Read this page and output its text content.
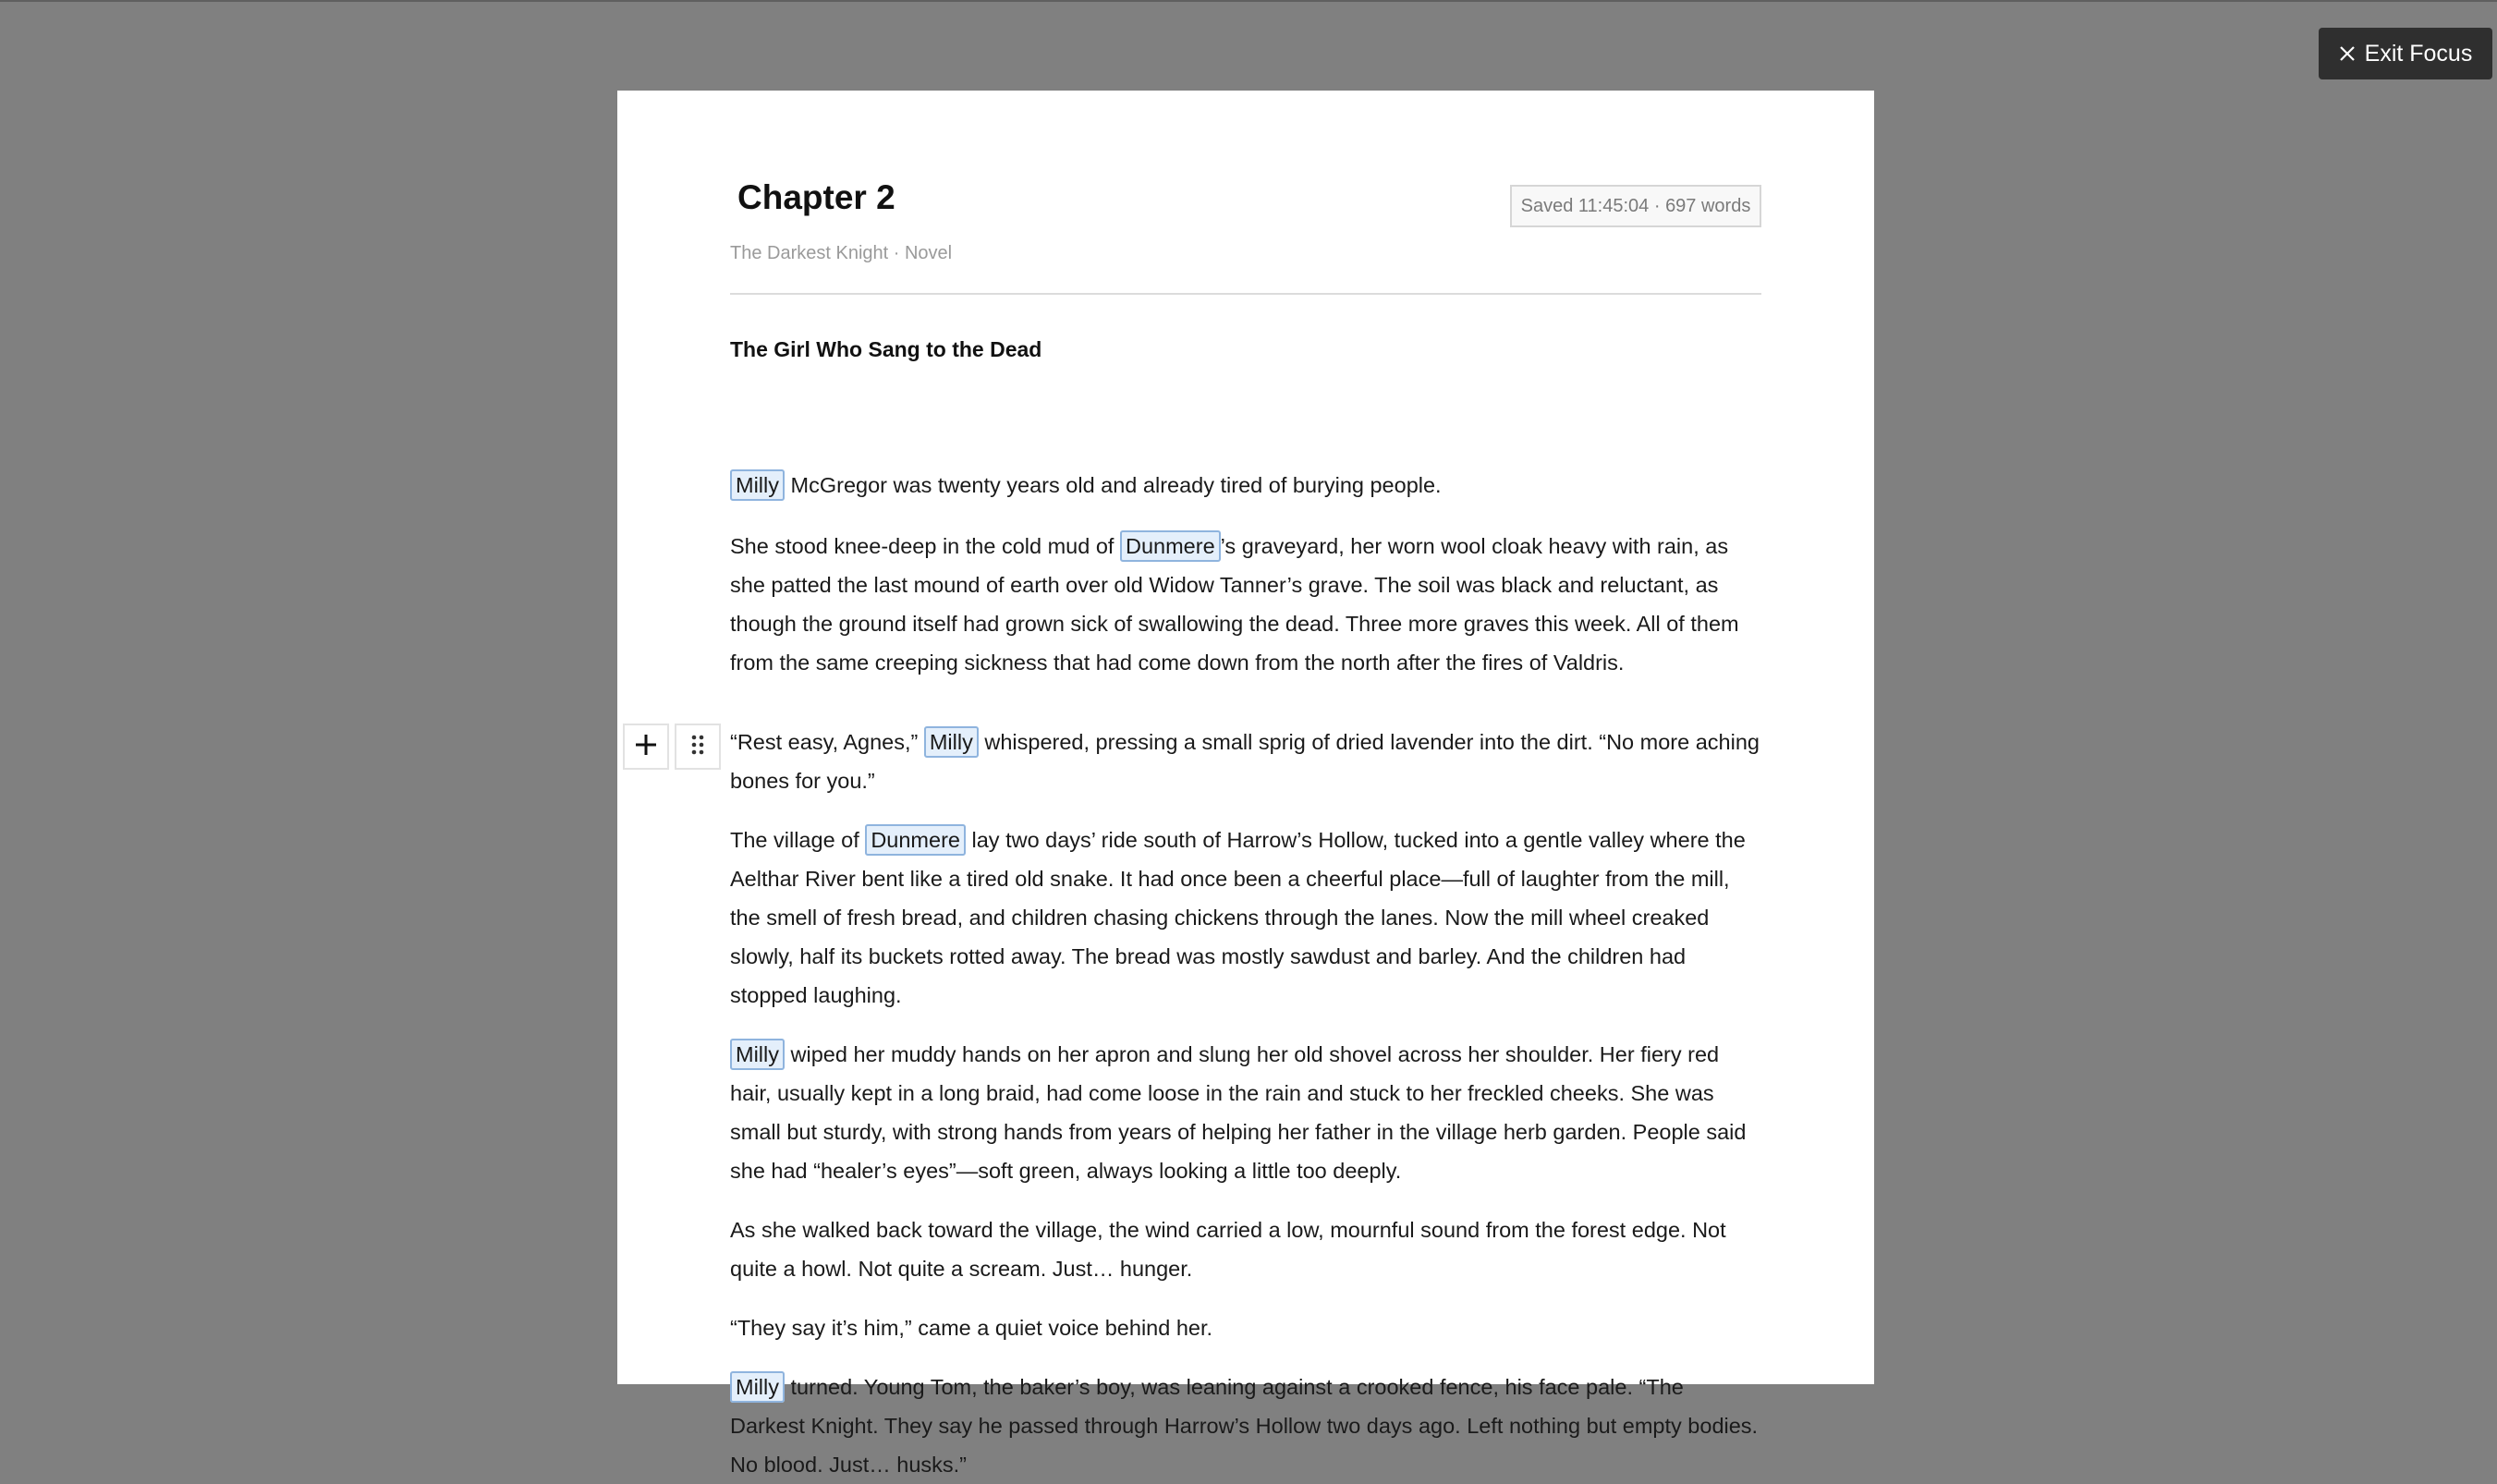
Exit Focus
Chapter 2
The Darkest Knight · Novel
Saved 11:45:04 · 697 words
The Girl Who Sang to the Dead

Milly McGregor was twenty years old and already tired of burying people.

She stood knee-deep in the cold mud of Dunmere ’s graveyard, her worn wool cloak heavy with rain, as she patted the last mound of earth over old Widow Tanner’s grave. The soil was black and reluctant, as though the ground itself had grown sick of swallowing the dead. Three more graves this week. All of them from the same creeping sickness that had come down from the north after the fires of Valdris.

“Rest easy, Agnes,” Milly whispered, pressing a small sprig of dried lavender into the dirt. “No more aching bones for you.”

The village of Dunmere lay two days’ ride south of Harrow’s Hollow, tucked into a gentle valley where the Aelthar River bent like a tired old snake. It had once been a cheerful place—full of laughter from the mill, the smell of fresh bread, and children chasing chickens through the lanes. Now the mill wheel creaked slowly, half its buckets rotted away. The bread was mostly sawdust and barley. And the children had stopped laughing.

Milly wiped her muddy hands on her apron and slung her old shovel across her shoulder. Her fiery red hair, usually kept in a long braid, had come loose in the rain and stuck to her freckled cheeks. She was small but sturdy, with strong hands from years of helping her father in the village herb garden. People said she had “healer’s eyes”—soft green, always looking a little too deeply.

As she walked back toward the village, the wind carried a low, mournful sound from the forest edge. Not quite a howl. Not quite a scream. Just… hunger.

“They say it’s him,” came a quiet voice behind her.

Milly turned. Young Tom, the baker’s boy, was leaning against a crooked fence, his face pale. “The Darkest Knight. They say he passed through Harrow’s Hollow two days ago. Left nothing but empty bodies. No blood. Just… husks.”
